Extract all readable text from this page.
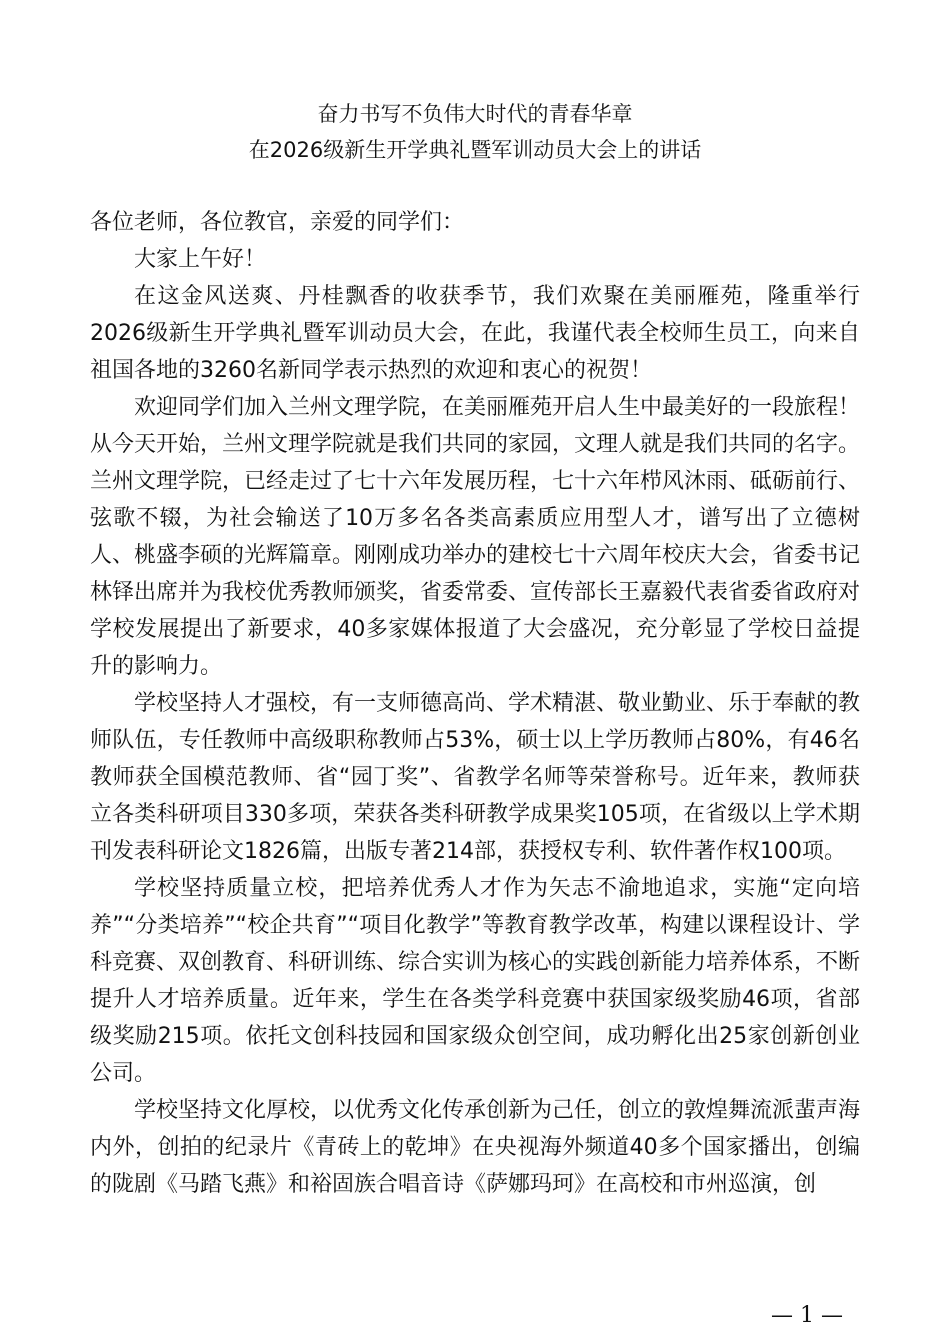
奋力书写不负伟大时代的青春华章
在2026级新生开学典礼暨军训动员大会上的讲话

各位老师，各位教官，亲爱的同学们：

大家上午好！

在这金风送爽、丹桂飘香的收获季节，我们欢聚在美丽雁苑，隆重举行2026级新生开学典礼暨军训动员大会，在此，我谨代表全校师生员工，向来自祖国各地的3260名新同学表示热烈的欢迎和衷心的祝贺！

欢迎同学们加入兰州文理学院，在美丽雁苑开启人生中最美好的一段旅程！从今天开始，兰州文理学院就是我们共同的家园，文理人就是我们共同的名字。兰州文理学院，已经走过了七十六年发展历程，七十六年栉风沐雨、砥砺前行、弦歌不辍，为社会输送了10万多名各类高素质应用型人才，谱写出了立德树人、桃盛李硕的光辉篇章。刚刚成功举办的建校七十六周年校庆大会，省委书记林铎出席并为我校优秀教师颁奖，省委常委、宣传部长王嘉毅代表省委省政府对学校发展提出了新要求，40多家媒体报道了大会盛况，充分彰显了学校日益提升的影响力。

学校坚持人才强校，有一支师德高尚、学术精湛、敬业勤业、乐于奉献的教师队伍，专任教师中高级职称教师占53%，硕士以上学历教师占80%，有46名教师获全国模范教师、省“园丁奖”、省教学名师等荣誉称号。近年来，教师获立各类科研项目330多项，荣获各类科研教学成果奖105项，在省级以上学术期刊发表科研论文1826篇，出版专著214部，获授权专利、软件著作权100项。

学校坚持质量立校，把培养优秀人才作为矢志不渝地追求，实施“定向培养”“分类培养”“校企共育”“项目化教学”等教育教学改革，构建以课程设计、学科竞赛、双创教育、科研训练、综合实训为核心的实践创新能力培养体系，不断提升人才培养质量。近年来，学生在各类学科竞赛中获国家级奖励46项，省部级奖励215项。依托文创科技园和国家级众创空间，成功孵化出25家创新创业公司。

学校坚持文化厚校，以优秀文化传承创新为己任，创立的敦煌舞流派蜚声海内外，创拍的纪录片《青砖上的乾坤》在央视海外频道40多个国家播出，创编的陇剧《马踏飞燕》和裕固族合唱音诗《萨娜玛珂》在高校和市州巡演，创

— 1 —
